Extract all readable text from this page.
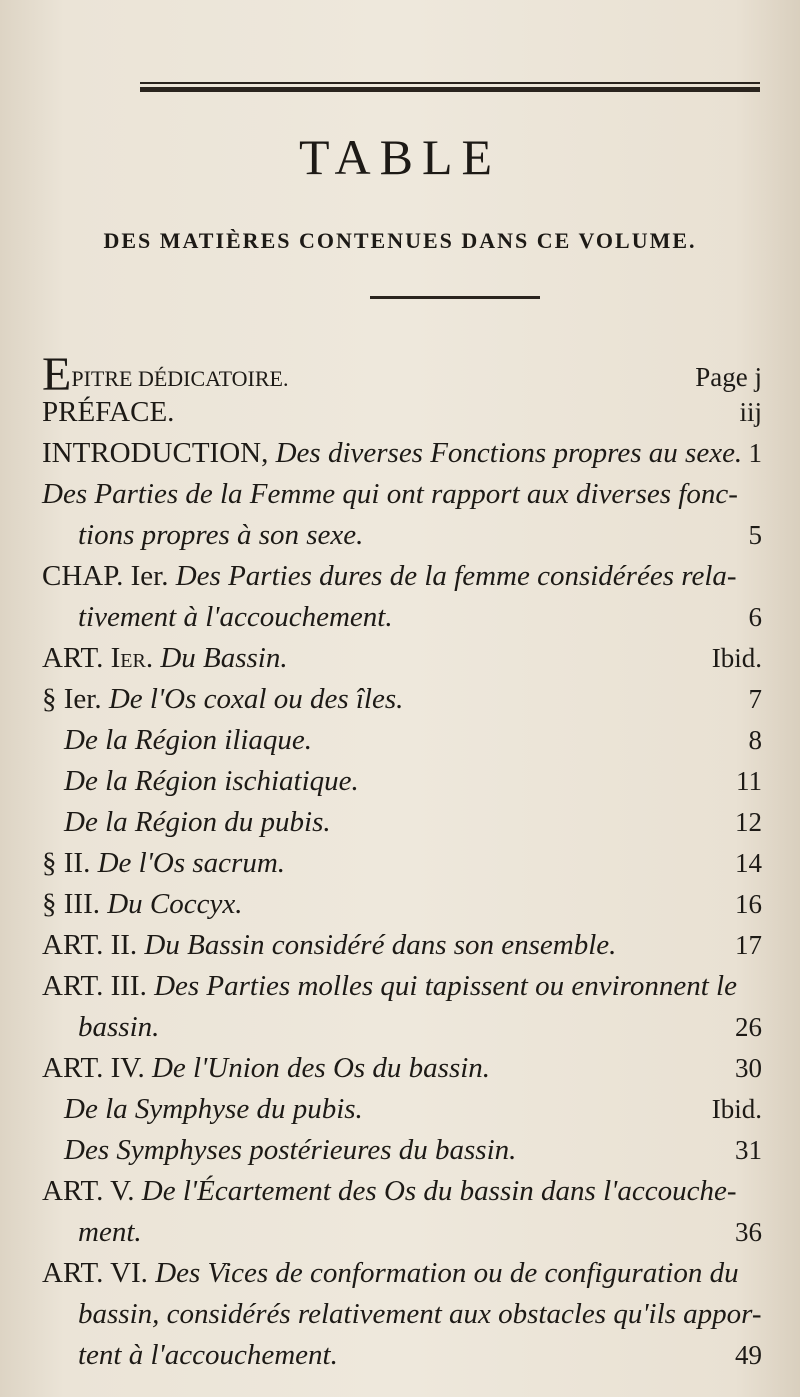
TABLE
DES MATIÈRES CONTENUES DANS CE VOLUME.
EPITRE DÉDICATOIRE.	Page j
PRÉFACE.	iij
INTRODUCTION, Des diverses Fonctions propres au sexe. 1
Des Parties de la Femme qui ont rapport aux diverses fonc-
tions propres à son sexe.	5
CHAP. Ier. Des Parties dures de la femme considérées rela-
tivement à l'accouchement.	6
ART. Ier. Du Bassin.	Ibid.
§ Ier. De l'Os coxal ou des îles.	7
De la Région iliaque.	8
De la Région ischiatique.	11
De la Région du pubis.	12
§ II. De l'Os sacrum.	14
§ III. Du Coccyx.	16
ART. II. Du Bassin considéré dans son ensemble.	17
ART. III. Des Parties molles qui tapissent ou environnent le
bassin.	26
ART. IV. De l'Union des Os du bassin.	30
De la Symphyse du pubis.	Ibid.
Des Symphyses postérieures du bassin.	31
ART. V. De l'Écartement des Os du bassin dans l'accouche-
ment.	36
ART. VI. Des Vices de conformation ou de configuration du
bassin, considérés relativement aux obstacles qu'ils appor-
tent à l'accouchement.	49
